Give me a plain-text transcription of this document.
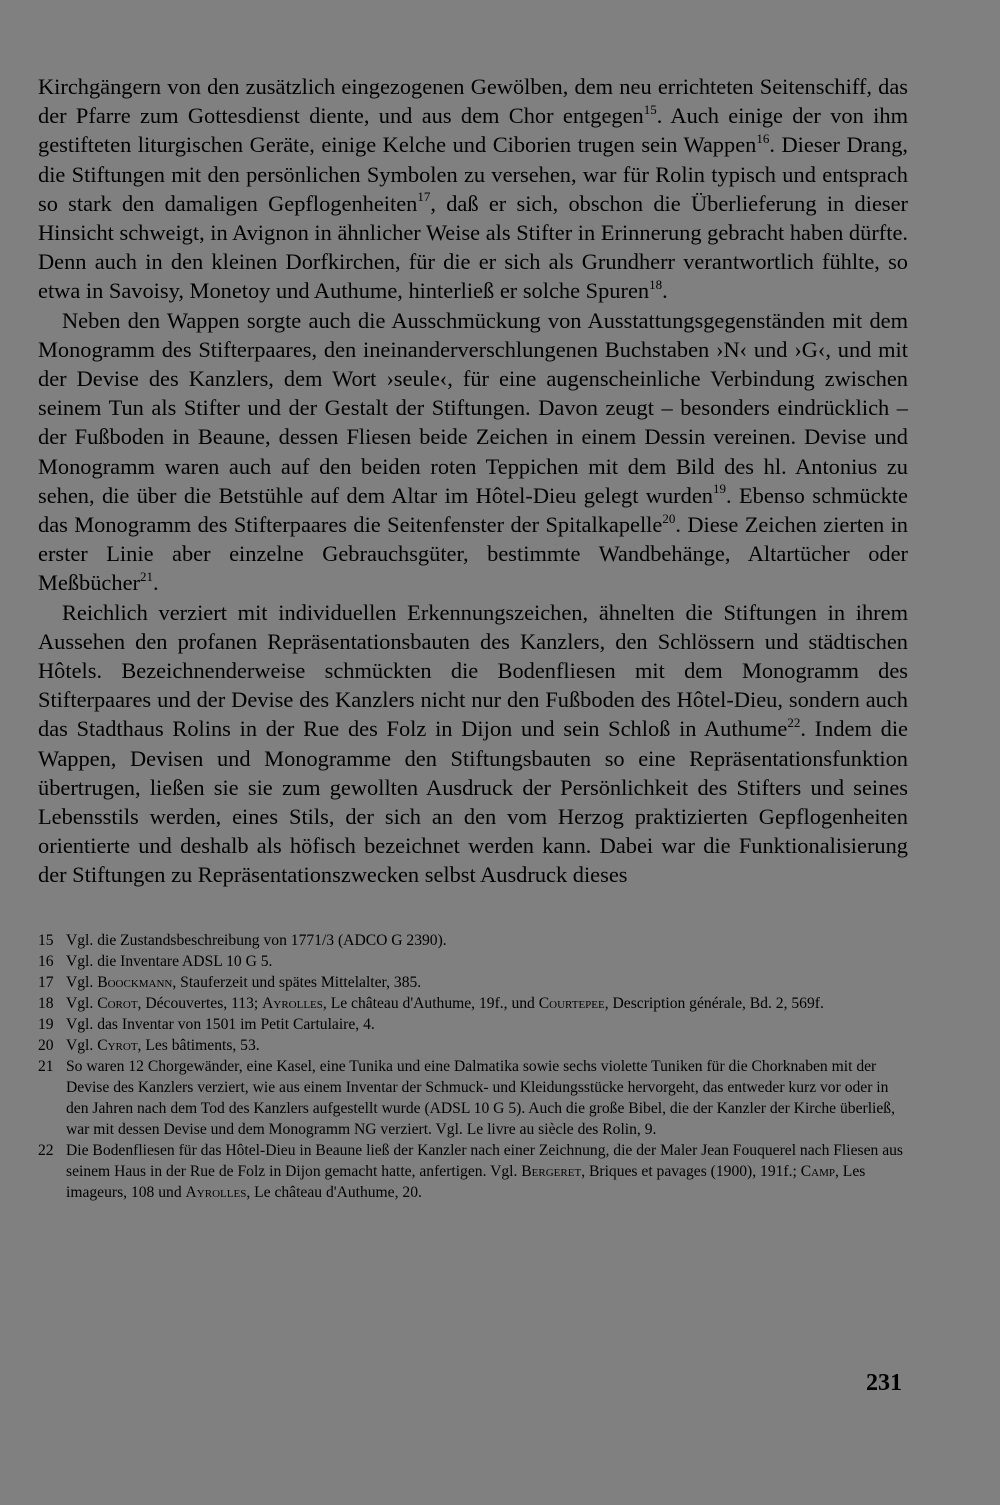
Kirchgängern von den zusätzlich eingezogenen Gewölben, dem neu errichteten Seitenschiff, das der Pfarre zum Gottesdienst diente, und aus dem Chor entgegen$^{15}$. Auch einige der von ihm gestifteten liturgischen Geräte, einige Kelche und Ciborien trugen sein Wappen$^{16}$. Dieser Drang, die Stiftungen mit den persönlichen Symbolen zu versehen, war für Rolin typisch und entsprach so stark den damaligen Gepflogenheiten$^{17}$, daß er sich, obschon die Überlieferung in dieser Hinsicht schweigt, in Avignon in ähnlicher Weise als Stifter in Erinnerung gebracht haben dürfte. Denn auch in den kleinen Dorfkirchen, für die er sich als Grundherr verantwortlich fühlte, so etwa in Savoisy, Monetoy und Authume, hinterließ er solche Spuren$^{18}$.

Neben den Wappen sorgte auch die Ausschmückung von Ausstattungsgegenständen mit dem Monogramm des Stifterpaares, den ineinanderverschlungenen Buchstaben ›N‹ und ›G‹, und mit der Devise des Kanzlers, dem Wort ›seule‹, für eine augenscheinliche Verbindung zwischen seinem Tun als Stifter und der Gestalt der Stiftungen. Davon zeugt – besonders eindrücklich – der Fußboden in Beaune, dessen Fliesen beide Zeichen in einem Dessin vereinen. Devise und Monogramm waren auch auf den beiden roten Teppichen mit dem Bild des hl. Antonius zu sehen, die über die Betstühle auf dem Altar im Hôtel-Dieu gelegt wurden$^{19}$. Ebenso schmückte das Monogramm des Stifterpaares die Seitenfenster der Spitalkapelle$^{20}$. Diese Zeichen zierten in erster Linie aber einzelne Gebrauchsgüter, bestimmte Wandbehänge, Altartücher oder Meßbücher$^{21}$.

Reichlich verziert mit individuellen Erkennungszeichen, ähnelten die Stiftungen in ihrem Aussehen den profanen Repräsentationsbauten des Kanzlers, den Schlössern und städtischen Hôtels. Bezeichnenderweise schmückten die Bodenfliesen mit dem Monogramm des Stifterpaares und der Devise des Kanzlers nicht nur den Fußboden des Hôtel-Dieu, sondern auch das Stadthaus Rolins in der Rue des Folz in Dijon und sein Schloß in Authume$^{22}$. Indem die Wappen, Devisen und Monogramme den Stiftungsbauten so eine Repräsentationsfunktion übertrugen, ließen sie sie zum gewollten Ausdruck der Persönlichkeit des Stifters und seines Lebensstils werden, eines Stils, der sich an den vom Herzog praktizierten Gepflogenheiten orientierte und deshalb als höfisch bezeichnet werden kann. Dabei war die Funktionalisierung der Stiftungen zu Repräsentationszwecken selbst Ausdruck dieses

15 Vgl. die Zustandsbeschreibung von 1771/3 (ADCO G 2390).
16 Vgl. die Inventare ADSL 10 G 5.
17 Vgl. Boockmann, Stauferzeit und spätes Mittelalter, 385.
18 Vgl. Corot, Découvertes, 113; Ayrolles, Le château d'Authume, 19f., und Courtepee, Description générale, Bd. 2, 569f.
19 Vgl. das Inventar von 1501 im Petit Cartulaire, 4.
20 Vgl. Cyrot, Les bâtiments, 53.
21 So waren 12 Chorgewänder, eine Kasel, eine Tunika und eine Dalmatika sowie sechs violette Tuniken für die Chorknaben mit der Devise des Kanzlers verziert, wie aus einem Inventar der Schmuck- und Kleidungsstücke hervorgeht, das entweder kurz vor oder in den Jahren nach dem Tod des Kanzlers aufgestellt wurde (ADSL 10 G 5). Auch die große Bibel, die der Kanzler der Kirche überließ, war mit dessen Devise und dem Monogramm NG verziert. Vgl. Le livre au siècle des Rolin, 9.
22 Die Bodenfliesen für das Hôtel-Dieu in Beaune ließ der Kanzler nach einer Zeichnung, die der Maler Jean Fouquerel nach Fliesen aus seinem Haus in der Rue de Folz in Dijon gemacht hatte, anfertigen. Vgl. Bergeret, Briques et pavages (1900), 191f.; Camp, Les imageurs, 108 und Ayrolles, Le château d'Authume, 20.
231
